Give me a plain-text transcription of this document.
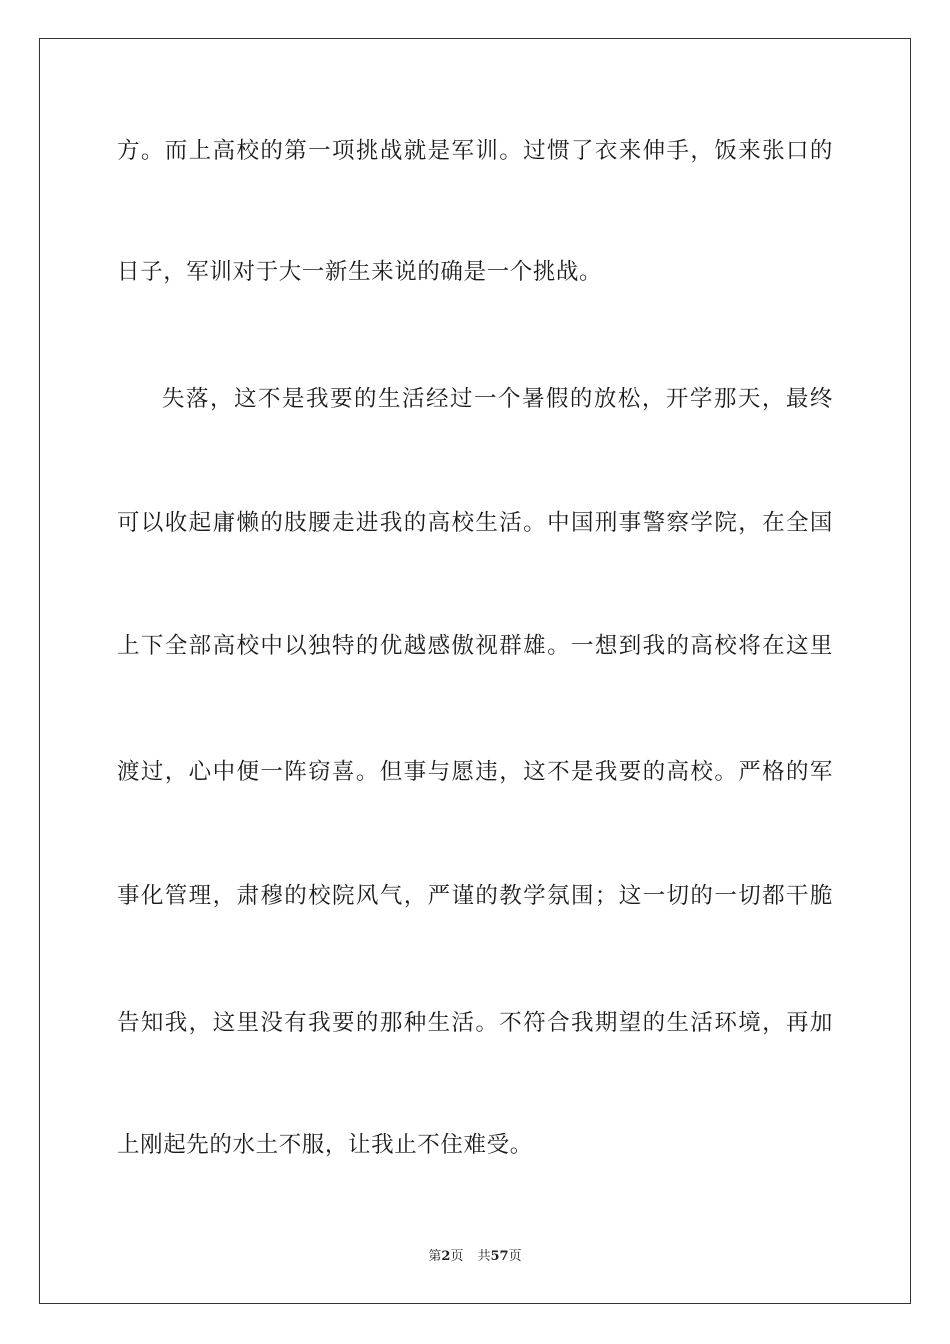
方。而上高校的第一项挑战就是军训。过惯了衣来伸手，饭来张口的
日子，军训对于大一新生来说的确是一个挑战。
失落，这不是我要的生活经过一个暑假的放松，开学那天，最终
可以收起庸懒的肢腰走进我的高校生活。中国刑事警察学院，在全国
上下全部高校中以独特的优越感傲视群雄。一想到我的高校将在这里
渡过，心中便一阵窃喜。但事与愿违，这不是我要的高校。严格的军
事化管理，肃穆的校院风气，严谨的教学氛围；这一切的一切都干脆
告知我，这里没有我要的那种生活。不符合我期望的生活环境，再加
上刚起先的水土不服，让我止不住难受。
第2页 共57页
